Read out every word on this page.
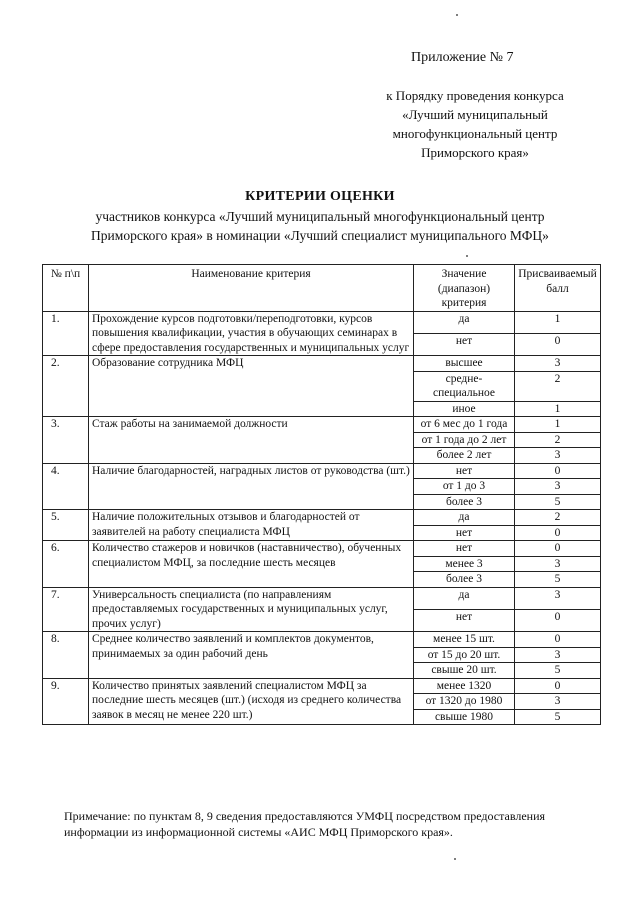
Приложение № 7
к Порядку проведения конкурса
«Лучший муниципальный
многофункциональный центр
Приморского края»
КРИТЕРИИ ОЦЕНКИ
участников конкурса «Лучший муниципальный многофункциональный центр
Приморского края» в номинации «Лучший специалист муниципального МФЦ»
№ п\п	Наименование критерия	Значение (диапазон) критерия	Присваиваемый балл
1.	Прохождение курсов подготовки/переподготовки, курсов повышения квалификации, участия в обучающих семинарах в сфере предоставления государственных и муниципальных услуг	да	1
		нет	0
2.	Образование сотрудника МФЦ	высшее	3
		средне-специальное	2
		иное	1
3.	Стаж работы на занимаемой должности	от 6 мес до 1 года	1
		от 1 года до 2 лет	2
		более 2 лет	3
4.	Наличие благодарностей, наградных листов от руководства (шт.)	нет	0
		от 1 до 3	3
		более 3	5
5.	Наличие положительных отзывов и благодарностей от заявителей на работу специалиста МФЦ	да	2
		нет	0
6.	Количество стажеров и новичков (наставничество), обученных специалистом МФЦ, за последние шесть месяцев	нет	0
		менее 3	3
		более 3	5
7.	Универсальность специалиста (по направлениям предоставляемых государственных и муниципальных услуг, прочих услуг)	да	3
		нет	0
8.	Среднее количество заявлений и комплектов документов, принимаемых за один рабочий день	менее 15 шт.	0
		от 15 до 20 шт.	3
		свыше 20 шт.	5
9.	Количество принятых заявлений специалистом МФЦ за последние шесть месяцев (шт.) (исходя из среднего количества заявок в месяц не менее 220 шт.)	менее 1320	0
		от 1320 до 1980	3
		свыше 1980	5
Примечание: по пунктам 8, 9 сведения предоставляются УМФЦ посредством предоставления информации из информационной системы «АИС МФЦ Приморского края».
